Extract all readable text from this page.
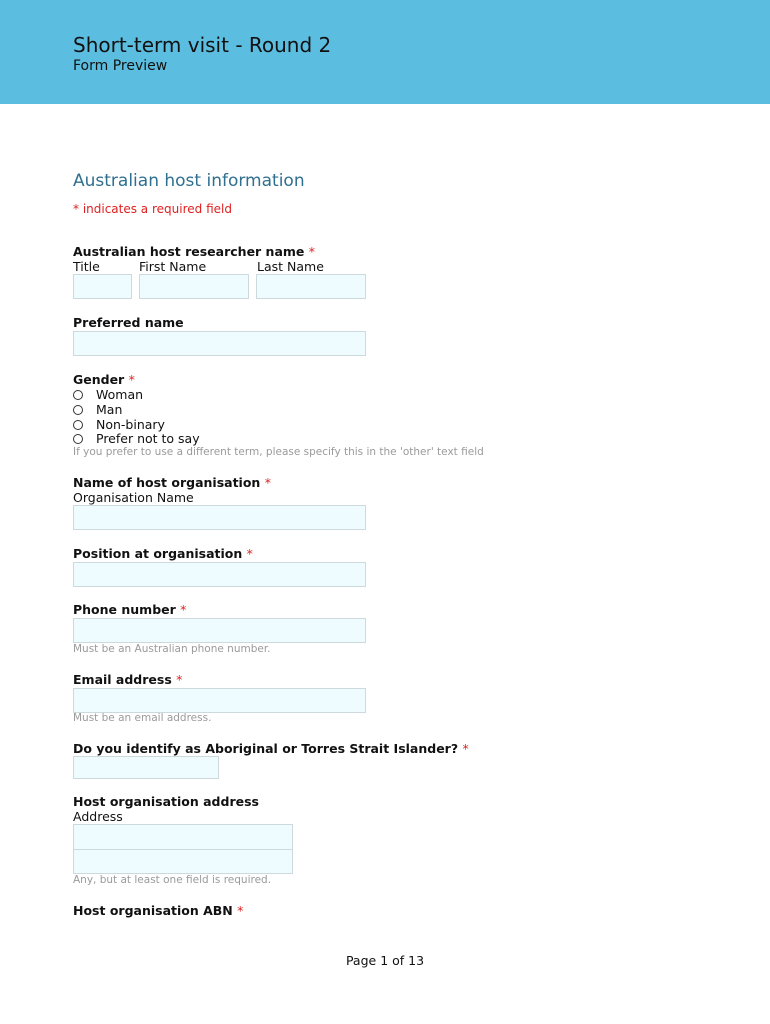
Short-term visit - Round 2
Form Preview
Australian host information
* indicates a required field
Australian host researcher name *
Title	First Name	Last Name
Preferred name
Gender *
Woman
Man
Non-binary
Prefer not to say
If you prefer to use a different term, please specify this in the 'other' text field
Name of host organisation *
Organisation Name
Position at organisation *
Phone number *
Must be an Australian phone number.
Email address *
Must be an email address.
Do you identify as Aboriginal or Torres Strait Islander? *
Host organisation address
Address
Any, but at least one field is required.
Host organisation ABN *
Page 1 of 13
